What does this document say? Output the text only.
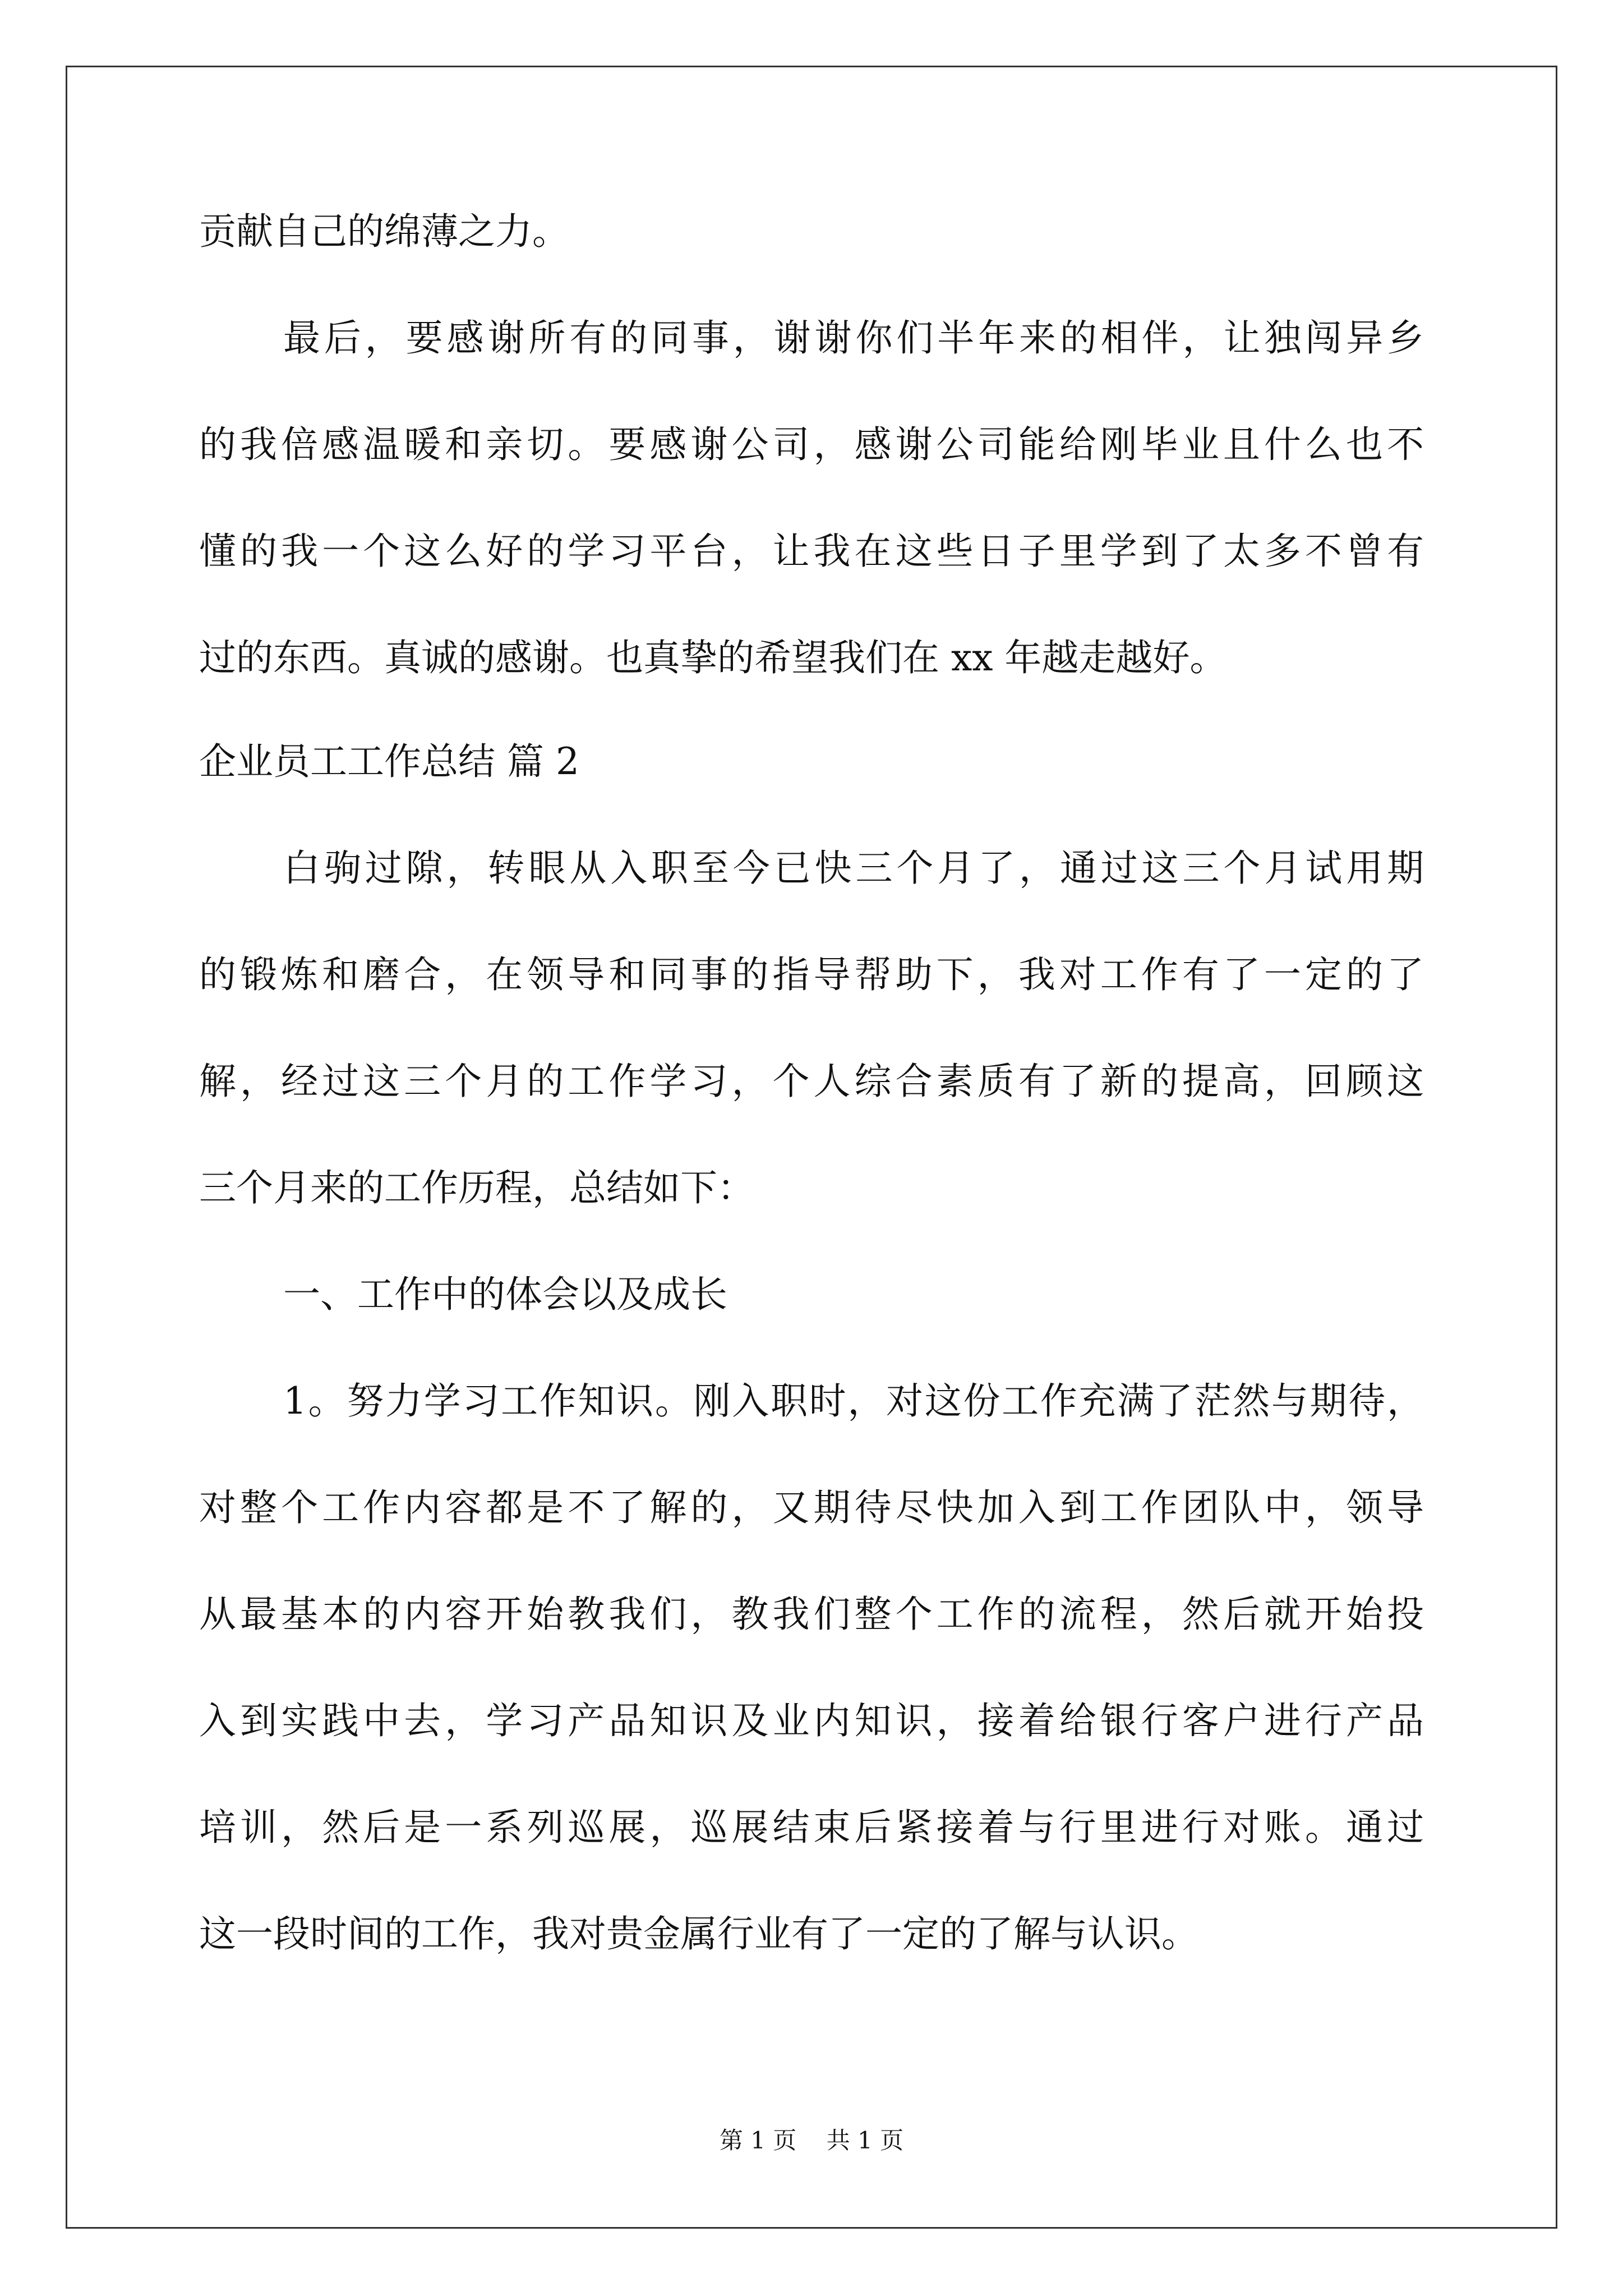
贡献自己的绵薄之力。
最后，要感谢所有的同事，谢谢你们半年来的相伴，让独闯异乡
的我倍感温暖和亲切。要感谢公司，感谢公司能给刚毕业且什么也不
懂的我一个这么好的学习平台，让我在这些日子里学到了太多不曾有
过的东西。真诚的感谢。也真挚的希望我们在 xx 年越走越好。
企业员工工作总结 篇 2
白驹过隙，转眼从入职至今已快三个月了，通过这三个月试用期
的锻炼和磨合，在领导和同事的指导帮助下，我对工作有了一定的了
解，经过这三个月的工作学习，个人综合素质有了新的提高，回顾这
三个月来的工作历程，总结如下：
一、工作中的体会以及成长
1。努力学习工作知识。刚入职时，对这份工作充满了茫然与期待，
对整个工作内容都是不了解的，又期待尽快加入到工作团队中，领导
从最基本的内容开始教我们，教我们整个工作的流程，然后就开始投
入到实践中去，学习产品知识及业内知识，接着给银行客户进行产品
培训，然后是一系列巡展，巡展结束后紧接着与行里进行对账。通过
这一段时间的工作，我对贵金属行业有了一定的了解与认识。
第 1 页    共 1 页
